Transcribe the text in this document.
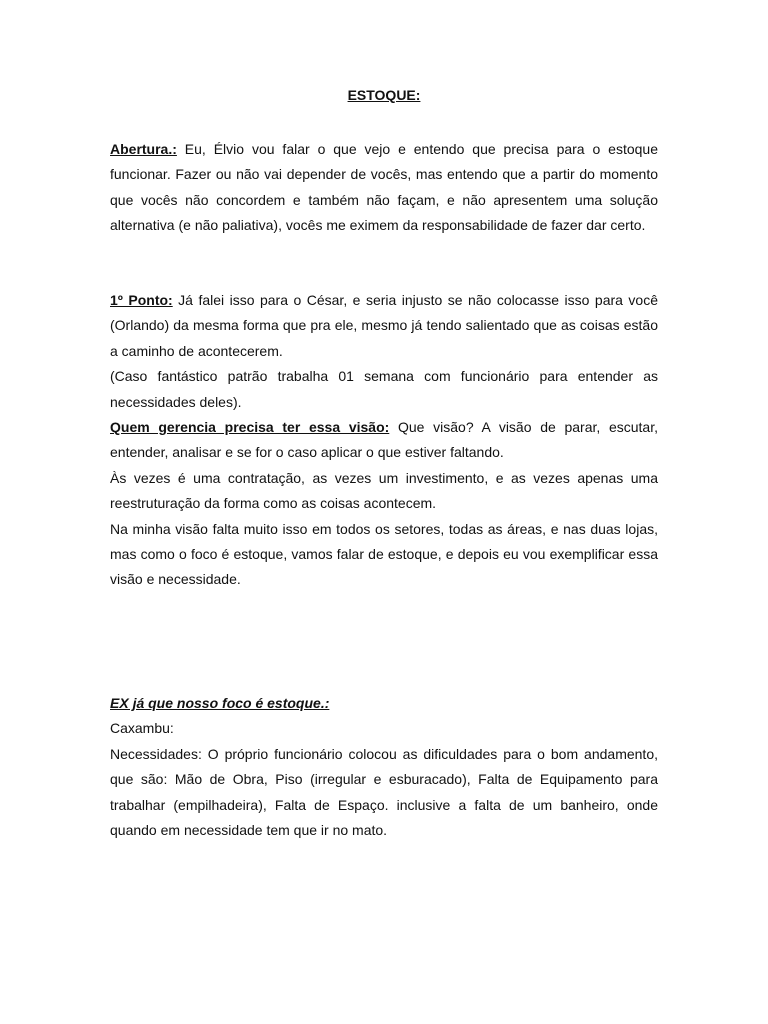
ESTOQUE:

Abertura.: Eu, Élvio vou falar o que vejo e entendo que precisa para o estoque funcionar. Fazer ou não vai depender de vocês, mas entendo que a partir do momento que vocês não concordem e também não façam, e não apresentem uma solução alternativa (e não paliativa), vocês me eximem da responsabilidade de fazer dar certo.

1º Ponto: Já falei isso para o César, e seria injusto se não colocasse isso para você (Orlando) da mesma forma que pra ele, mesmo já tendo salientado que as coisas estão a caminho de acontecerem.

(Caso fantástico patrão trabalha 01 semana com funcionário para entender as necessidades deles).

Quem gerencia precisa ter essa visão: Que visão? A visão de parar, escutar, entender, analisar e se for o caso aplicar o que estiver faltando.

Às vezes é uma contratação, as vezes um investimento, e as vezes apenas uma reestruturação da forma como as coisas acontecem.

Na minha visão falta muito isso em todos os setores, todas as áreas, e nas duas lojas, mas como o foco é estoque, vamos falar de estoque, e depois eu vou exemplificar essa visão e necessidade.

EX já que nosso foco é estoque.:

Caxambu:

Necessidades: O próprio funcionário colocou as dificuldades para o bom andamento, que são: Mão de Obra, Piso (irregular e esburacado), Falta de Equipamento para trabalhar (empilhadeira), Falta de Espaço. inclusive a falta de um banheiro, onde quando em necessidade tem que ir no mato.
